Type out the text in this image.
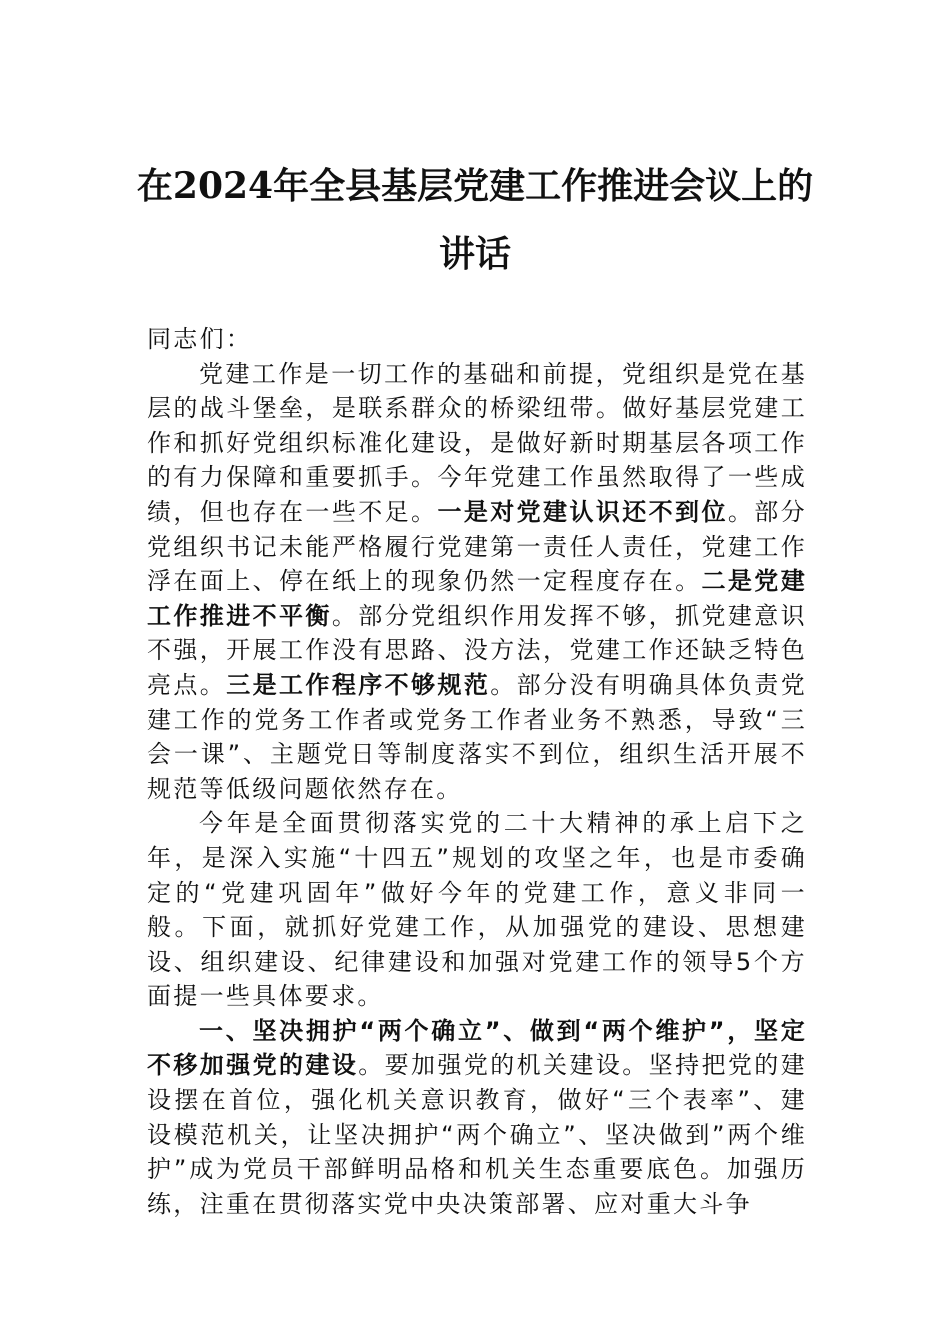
在2024年全县基层党建工作推进会议上的
讲话

同志们：

党建工作是一切工作的基础和前提，党组织是党在基层的战斗堡垒，是联系群众的桥梁纽带。做好基层党建工作和抓好党组织标准化建设，是做好新时期基层各项工作的有力保障和重要抓手。今年党建工作虽然取得了一些成绩，但也存在一些不足。一是对党建认识还不到位。部分党组织书记未能严格履行党建第一责任人责任，党建工作浮在面上、停在纸上的现象仍然一定程度存在。二是党建工作推进不平衡。部分党组织作用发挥不够，抓党建意识不强，开展工作没有思路、没方法，党建工作还缺乏特色亮点。三是工作程序不够规范。部分没有明确具体负责党建工作的党务工作者或党务工作者业务不熟悉，导致“三会一课”、主题党日等制度落实不到位，组织生活开展不规范等低级问题依然存在。

今年是全面贯彻落实党的二十大精神的承上启下之年，是深入实施“十四五”规划的攻坚之年，也是市委确定的“党建巩固年”做好今年的党建工作，意义非同一般。下面，就抓好党建工作，从加强党的建设、思想建设、组织建设、纪律建设和加强对党建工作的领导5个方面提一些具体要求。

一、坚决拥护“两个确立”、做到“两个维护”，坚定不移加强党的建设。要加强党的机关建设。坚持把党的建设摆在首位，强化机关意识教育，做好“三个表率”、建设模范机关，让坚决拥护“两个确立”、坚决做到”两个维护”成为党员干部鲜明品格和机关生态重要底色。加强历练，注重在贯彻落实党中央决策部署、应对重大斗争
